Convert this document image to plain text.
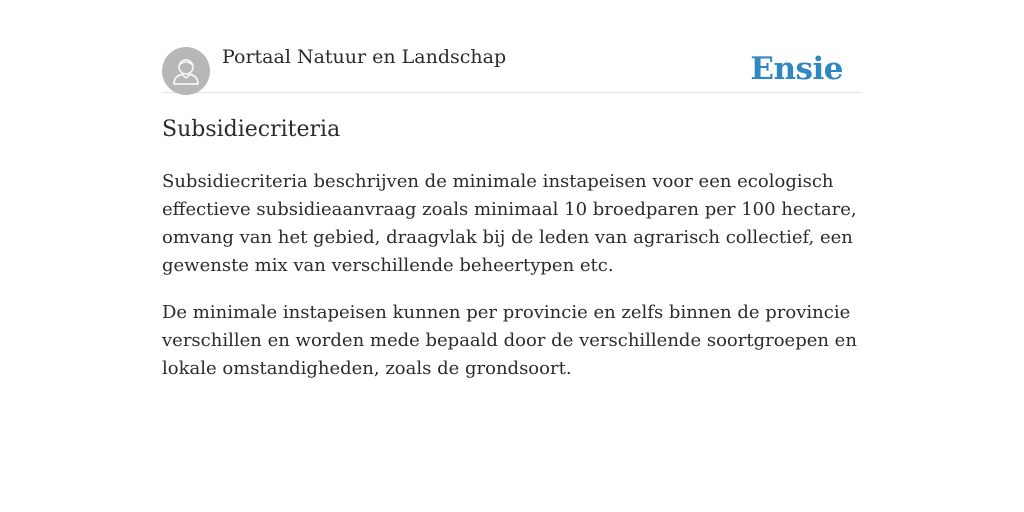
Portaal Natuur en Landschap	Ensie
Subsidiecriteria

Subsidiecriteria beschrijven de minimale instapeisen voor een ecologisch effectieve subsidieaanvraag zoals minimaal 10 broedparen per 100 hectare, omvang van het gebied, draagvlak bij de leden van agrarisch collectief, een gewenste mix van verschillende beheertypen etc.

De minimale instapeisen kunnen per provincie en zelfs binnen de provincie verschillen en worden mede bepaald door de verschillende soortgroepen en lokale omstandigheden, zoals de grondsoort.
